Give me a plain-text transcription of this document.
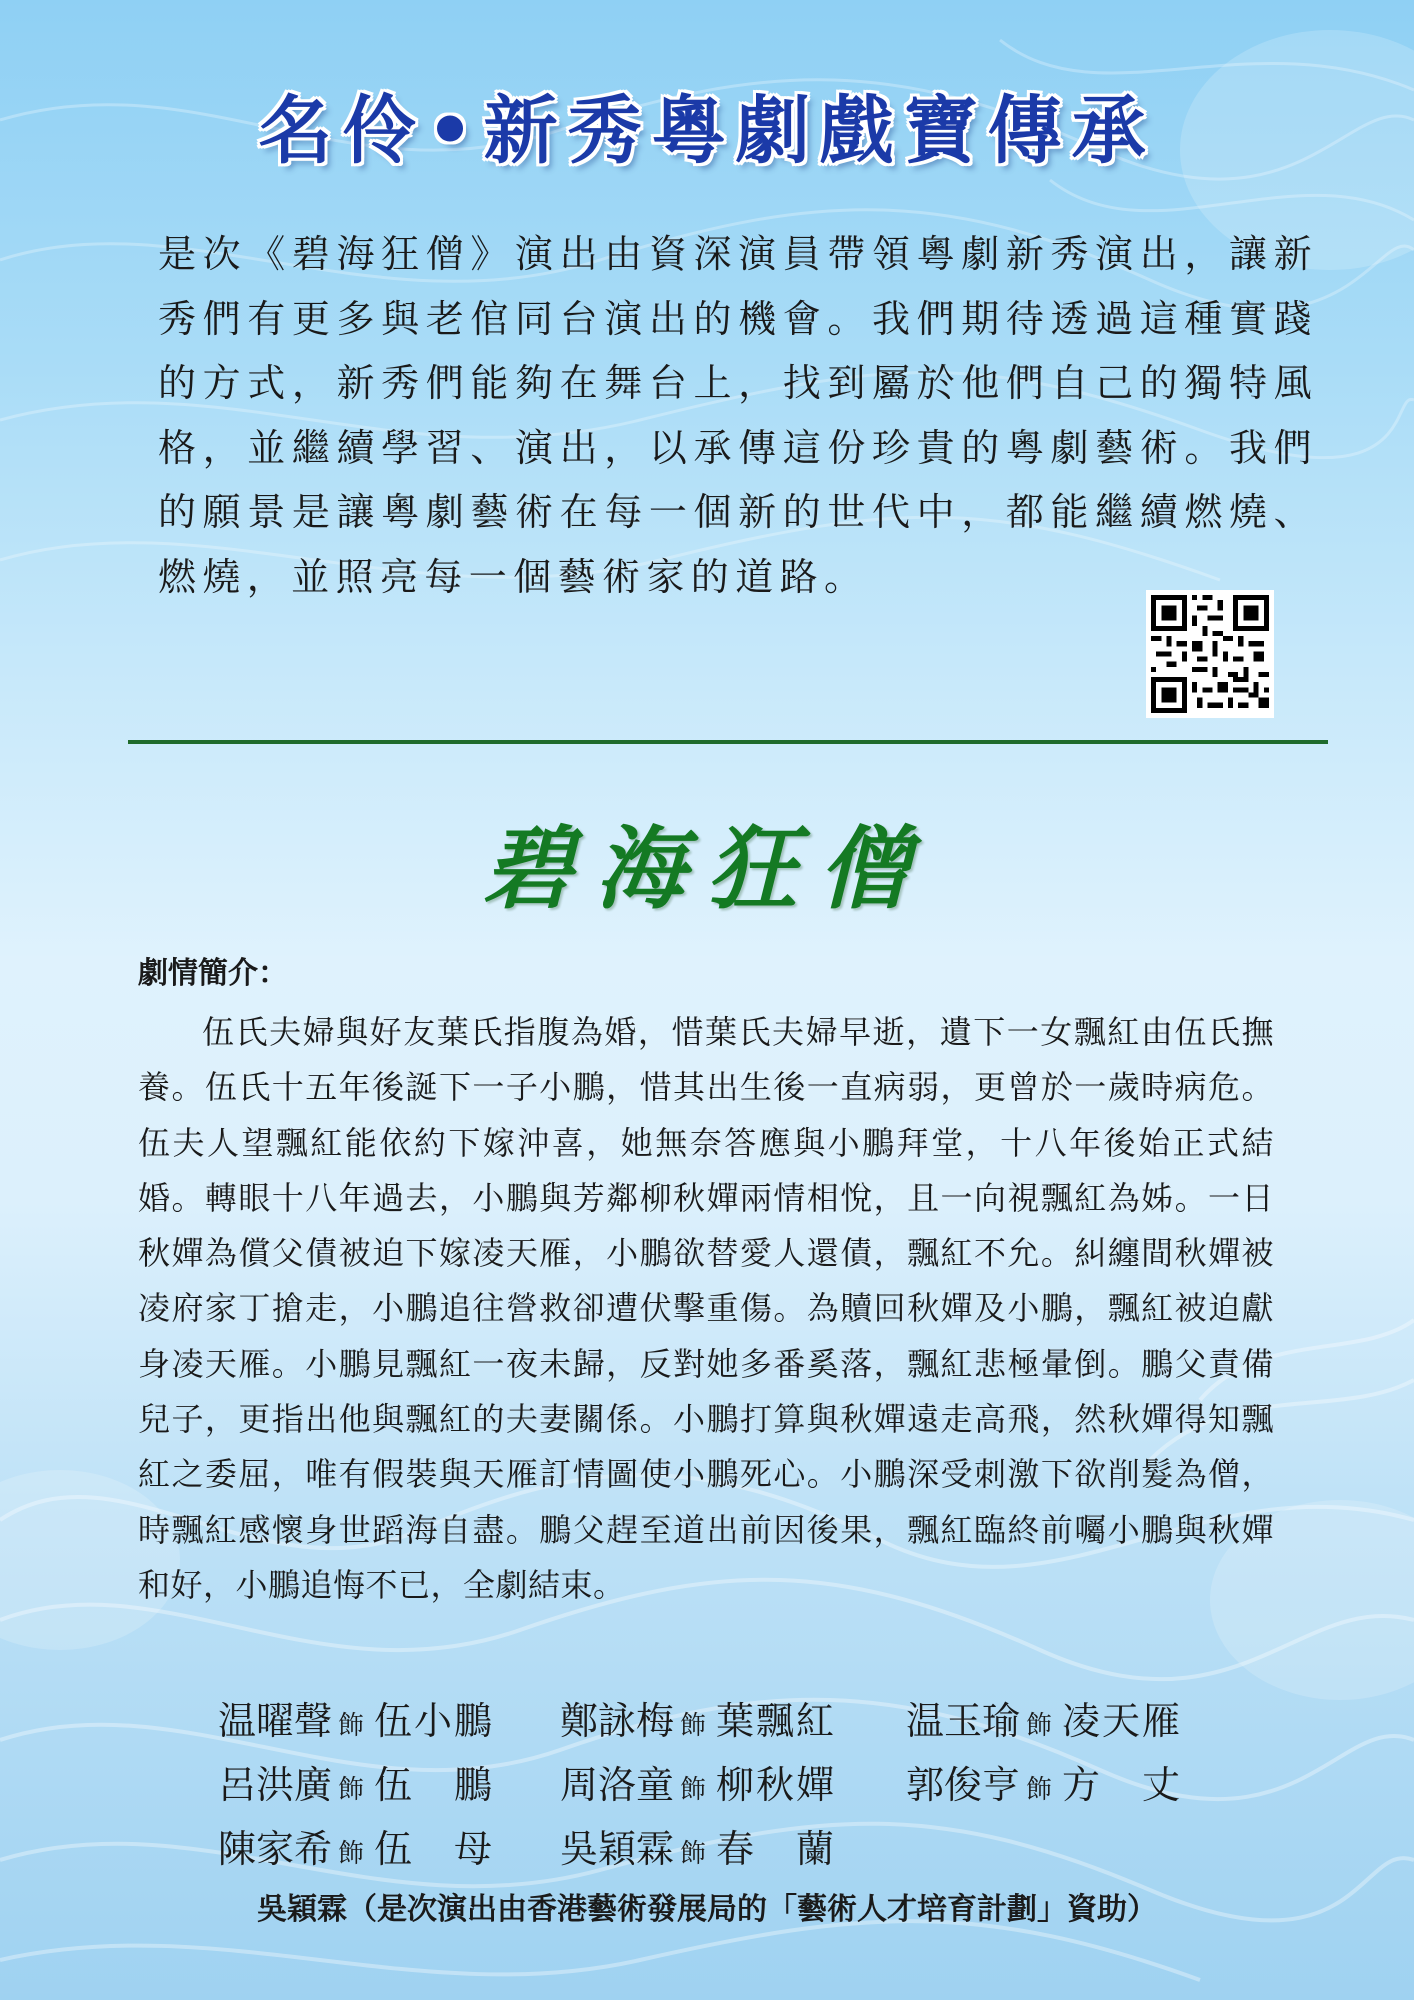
名伶•新秀粵劇戲寶傳承
是次《碧海狂僧》演出由資深演員帶領粵劇新秀演出，讓新秀們有更多與老倌同台演出的機會。我們期待透過這種實踐的方式，新秀們能夠在舞台上，找到屬於他們自己的獨特風格，並繼續學習、演出，以承傳這份珍貴的粵劇藝術。我們的願景是讓粵劇藝術在每一個新的世代中，都能繼續燃燒、燃燒，並照亮每一個藝術家的道路。
碧海狂僧
劇情簡介：
伍氏夫婦與好友葉氏指腹為婚，惜葉氏夫婦早逝，遺下一女飄紅由伍氏撫養。伍氏十五年後誕下一子小鵬，惜其出生後一直病弱，更曾於一歲時病危。伍夫人望飄紅能依約下嫁沖喜，她無奈答應與小鵬拜堂，十八年後始正式結婚。轉眼十八年過去，小鵬與芳鄰柳秋嬋兩情相悅，且一向視飄紅為姊。一日秋嬋為償父債被迫下嫁凌天雁，小鵬欲替愛人還債，飄紅不允。糾纏間秋嬋被凌府家丁搶走，小鵬追往營救卻遭伏擊重傷。為贖回秋嬋及小鵬，飄紅被迫獻身凌天雁。小鵬見飄紅一夜未歸，反對她多番奚落，飄紅悲極暈倒。鵬父責備兒子，更指出他與飄紅的夫妻關係。小鵬打算與秋嬋遠走高飛，然秋嬋得知飄紅之委屈，唯有假裝與天雁訂情圖使小鵬死心。小鵬深受刺激下欲削髮為僧，時飄紅感懷身世蹈海自盡。鵬父趕至道出前因後果，飄紅臨終前囑小鵬與秋嬋和好，小鵬追悔不已，全劇結束。
温曜聲 飾 伍小鵬 鄭詠梅 飾 葉飄紅 温玉瑜 飾 凌天雁
呂洪廣 飾 伍　鵬 周洛童 飾 柳秋嬋 郭俊亨 飾 方　丈
陳家希 飾 伍　母 吳穎霖 飾 春　蘭
吳穎霖（是次演出由香港藝術發展局的「藝術人才培育計劃」資助）
